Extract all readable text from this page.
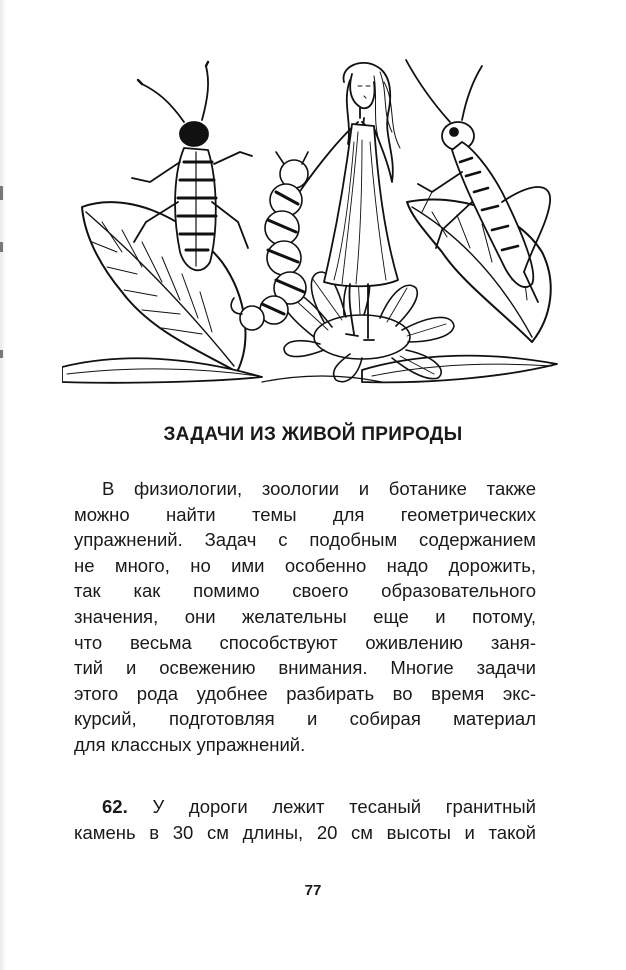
ЗАДАЧИ ИЗ ЖИВОЙ ПРИРОДЫ
В физиологии, зоологии и ботанике также
можно найти темы для геометрических
упражнений. Задач с подобным содержанием
не много, но ими особенно надо дорожить,
так как помимо своего образовательного
значения, они желательны еще и потому,
что весьма способствуют оживлению заня-
тий и освежению внимания. Многие задачи
этого рода удобнее разбирать во время экс-
курсий, подготовляя и собирая материал
для классных упражнений.
62. У дороги лежит тесаный гранитный
камень в 30 см длины, 20 см высоты и такой
77
